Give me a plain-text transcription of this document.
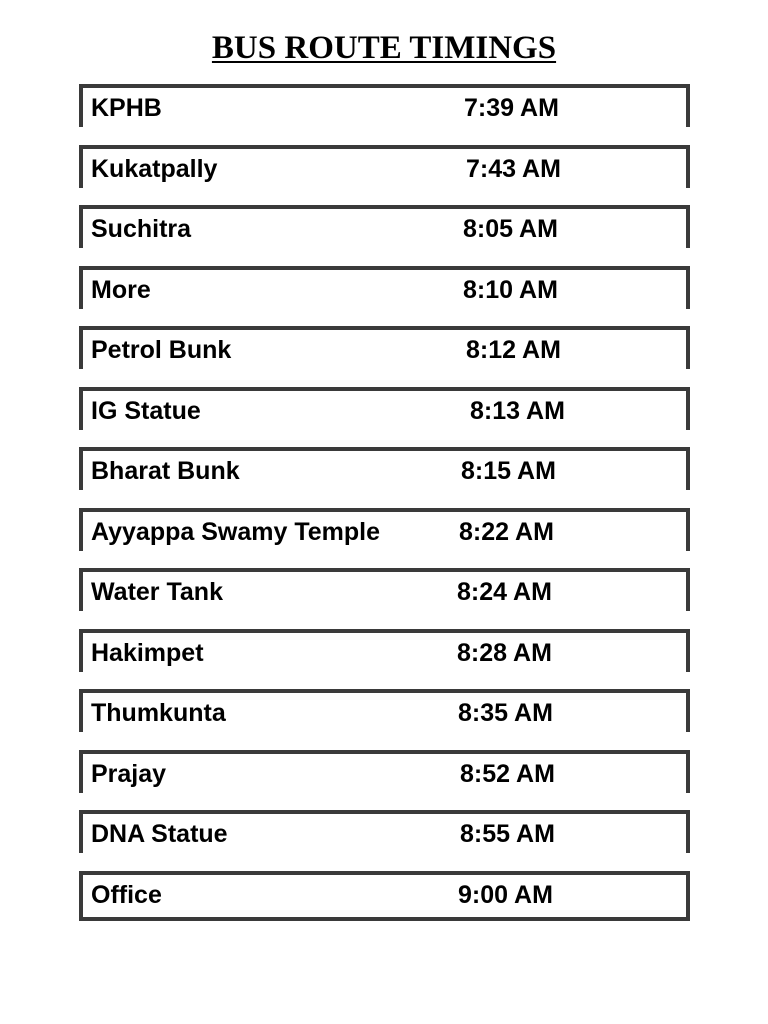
BUS ROUTE TIMINGS
KPHB	7:39 AM
Kukatpally	7:43 AM
Suchitra	8:05 AM
More	8:10 AM
Petrol Bunk	8:12 AM
IG Statue	8:13 AM
Bharat Bunk	8:15 AM
Ayyappa Swamy Temple	8:22 AM
Water Tank	8:24 AM
Hakimpet	8:28 AM
Thumkunta	8:35 AM
Prajay	8:52 AM
DNA Statue	8:55 AM
Office	9:00 AM
